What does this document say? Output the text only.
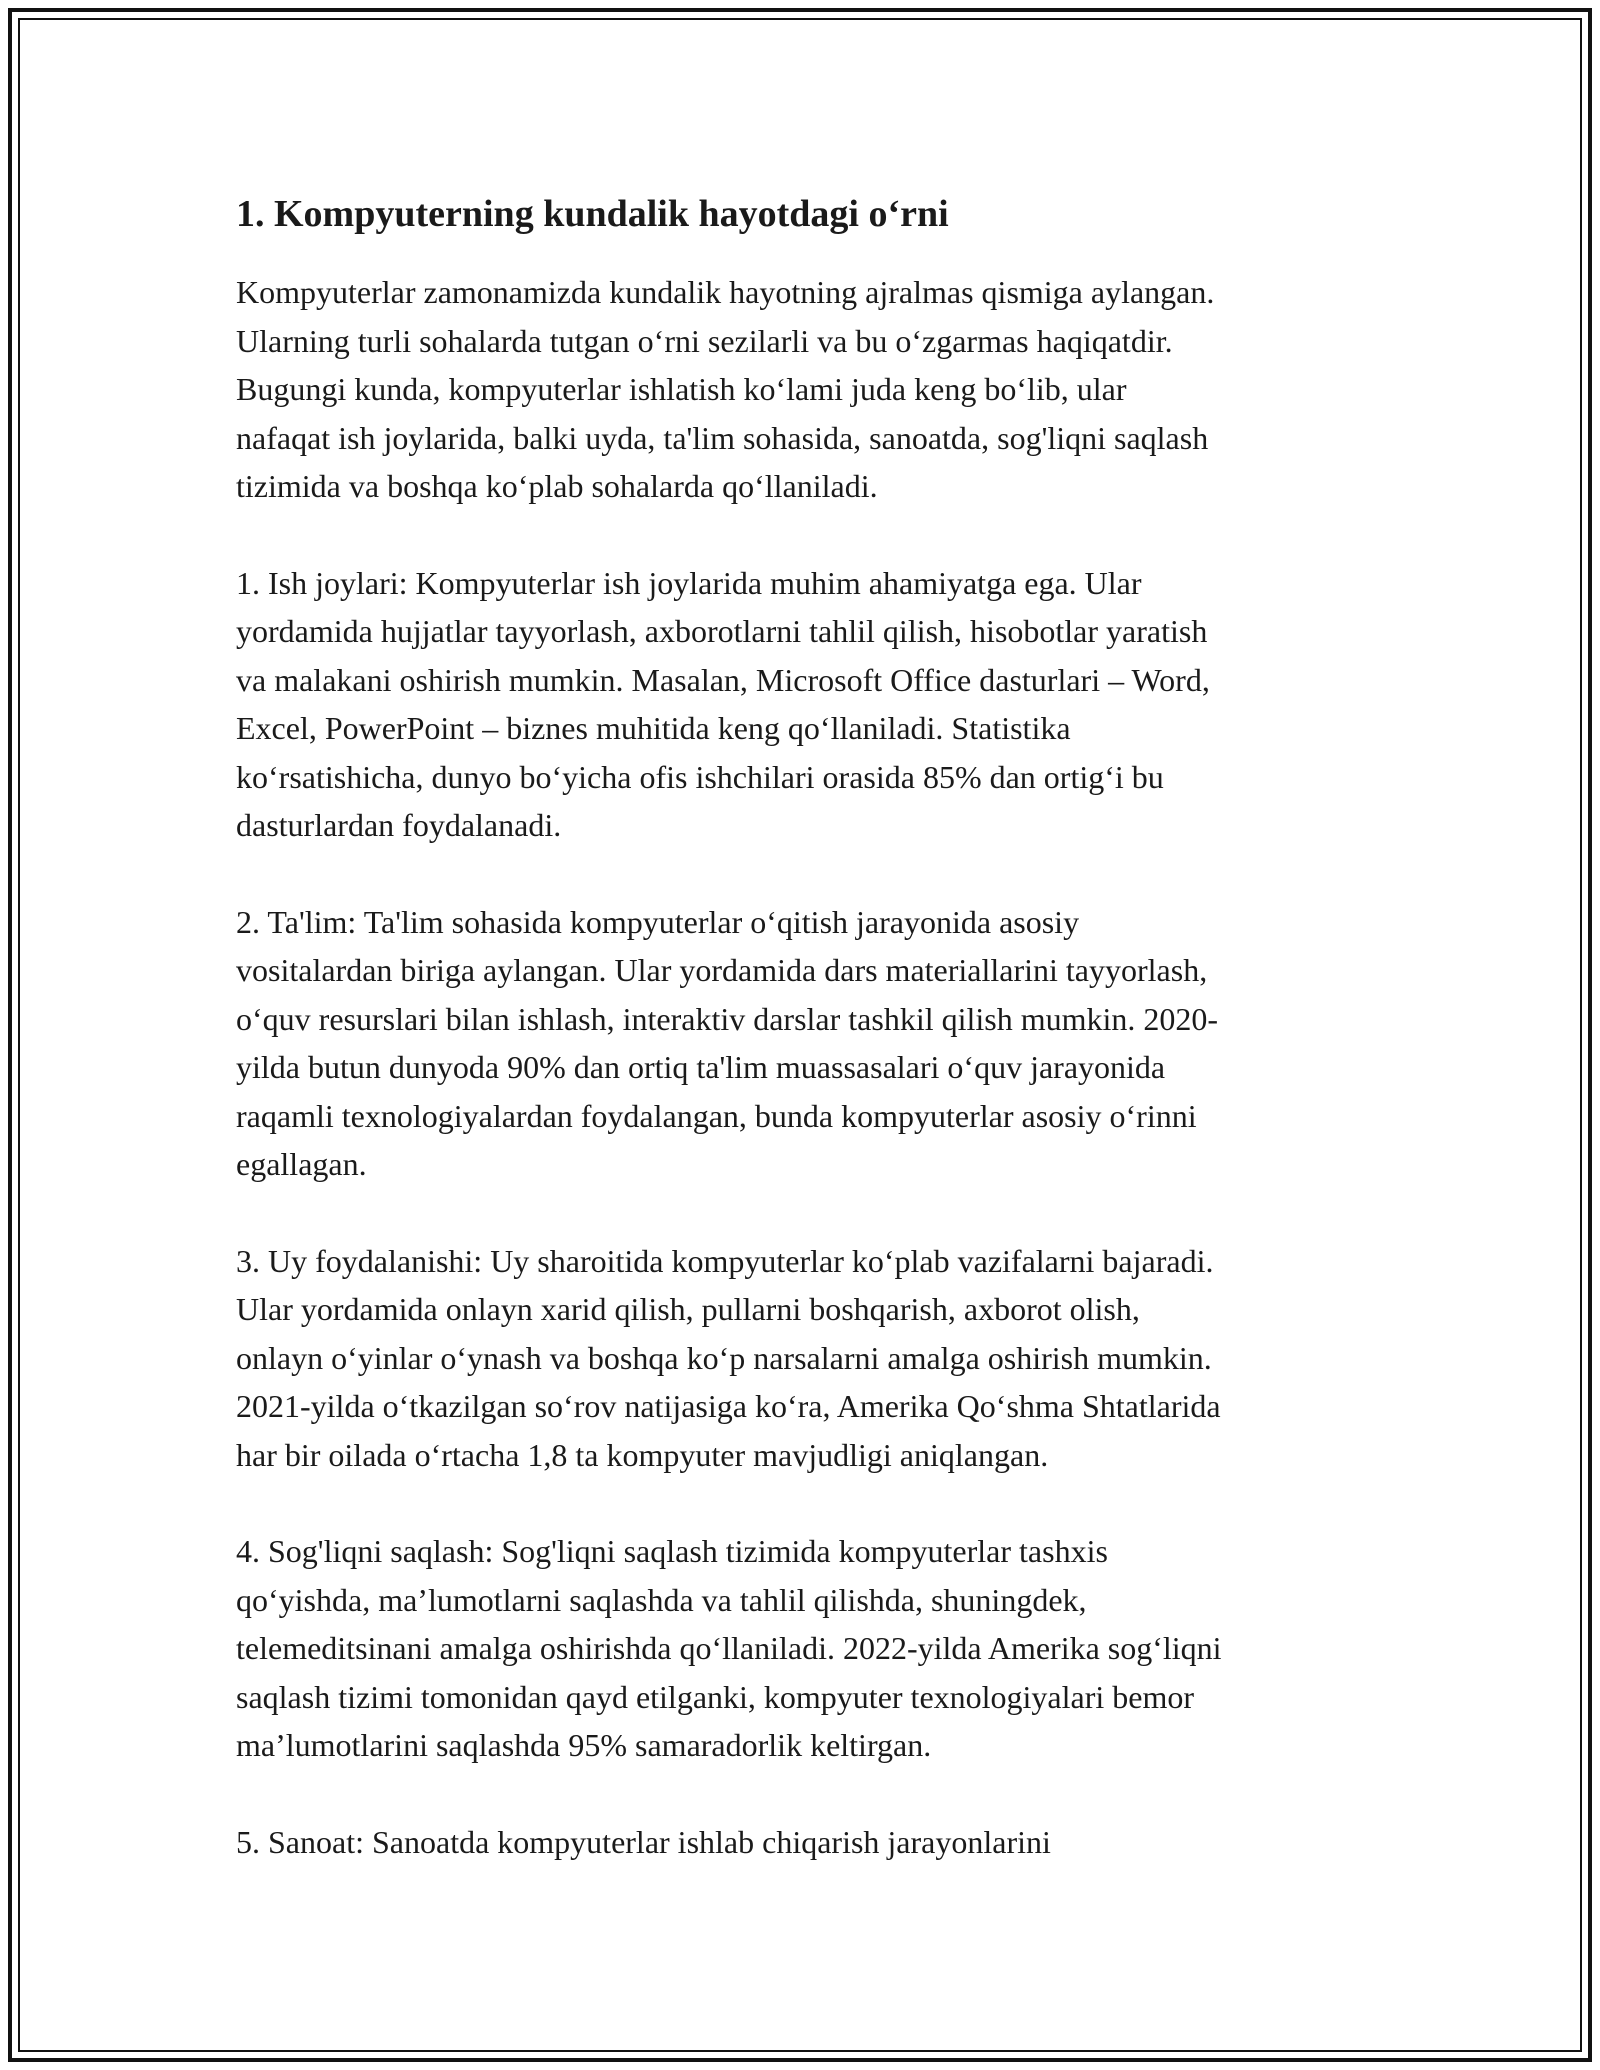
1. Kompyuterning kundalik hayotdagi o‘rni

Kompyuterlar zamonamizda kundalik hayotning ajralmas qismiga aylangan.
Ularning turli sohalarda tutgan o‘rni sezilarli va bu o‘zgarmas haqiqatdir.
Bugungi kunda, kompyuterlar ishlatish ko‘lami juda keng bo‘lib, ular
nafaqat ish joylarida, balki uyda, ta'lim sohasida, sanoatda, sog'liqni saqlash
tizimida va boshqa ko‘plab sohalarda qo‘llaniladi.

1. Ish joylari: Kompyuterlar ish joylarida muhim ahamiyatga ega. Ular
yordamida hujjatlar tayyorlash, axborotlarni tahlil qilish, hisobotlar yaratish
va malakani oshirish mumkin. Masalan, Microsoft Office dasturlari – Word,
Excel, PowerPoint – biznes muhitida keng qo‘llaniladi. Statistika
ko‘rsatishicha, dunyo bo‘yicha ofis ishchilari orasida 85% dan ortig‘i bu
dasturlardan foydalanadi.

2. Ta'lim: Ta'lim sohasida kompyuterlar o‘qitish jarayonida asosiy
vositalardan biriga aylangan. Ular yordamida dars materiallarini tayyorlash,
o‘quv resurslari bilan ishlash, interaktiv darslar tashkil qilish mumkin. 2020-
yilda butun dunyoda 90% dan ortiq ta'lim muassasalari o‘quv jarayonida
raqamli texnologiyalardan foydalangan, bunda kompyuterlar asosiy o‘rinni
egallagan.

3. Uy foydalanishi: Uy sharoitida kompyuterlar ko‘plab vazifalarni bajaradi.
Ular yordamida onlayn xarid qilish, pullarni boshqarish, axborot olish,
onlayn o‘yinlar o‘ynash va boshqa ko‘p narsalarni amalga oshirish mumkin.
2021-yilda o‘tkazilgan so‘rov natijasiga ko‘ra, Amerika Qo‘shma Shtatlarida
har bir oilada o‘rtacha 1,8 ta kompyuter mavjudligi aniqlangan.

4. Sog'liqni saqlash: Sog'liqni saqlash tizimida kompyuterlar tashxis
qo‘yishda, ma’lumotlarni saqlashda va tahlil qilishda, shuningdek,
telemeditsinani amalga oshirishda qo‘llaniladi. 2022-yilda Amerika sog‘liqni
saqlash tizimi tomonidan qayd etilganki, kompyuter texnologiyalari bemor
ma’lumotlarini saqlashda 95% samaradorlik keltirgan.

5. Sanoat: Sanoatda kompyuterlar ishlab chiqarish jarayonlarini
